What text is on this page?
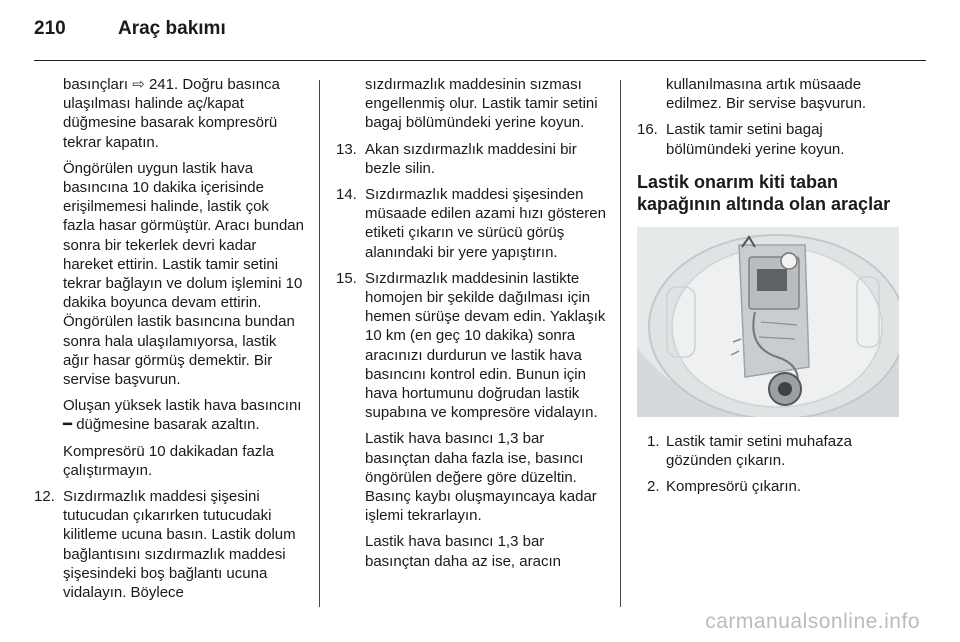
210	Araç bakımı

basınçları ⇨ 241. Doğru basınca ulaşılması halinde aç/kapat düğmesine basarak kompresörü tekrar kapatın.

Öngörülen uygun lastik hava basıncına 10 dakika içerisinde erişilmemesi halinde, lastik çok fazla hasar görmüştür. Aracı bundan sonra bir tekerlek devri kadar hareket ettirin. Lastik tamir setini tekrar bağlayın ve dolum işlemini 10 dakika boyunca devam ettirin. Öngörülen lastik basıncına bundan sonra hala ulaşılamıyorsa, lastik ağır hasar görmüş demektir. Bir servise başvurun.

Oluşan yüksek lastik hava basıncını ━ düğmesine basarak azaltın.

Kompresörü 10 dakikadan fazla çalıştırmayın.

12. Sızdırmazlık maddesi şişesini tutucudan çıkarırken tutucudaki kilitleme ucuna basın. Lastik dolum bağlantısını sızdırmazlık maddesi şişesindeki boş bağlantı ucuna vidalayın. Böylece

sızdırmazlık maddesinin sızması engellenmiş olur. Lastik tamir setini bagaj bölümündeki yerine koyun.

13. Akan sızdırmazlık maddesini bir bezle silin.

14. Sızdırmazlık maddesi şişesinden müsaade edilen azami hızı gösteren etiketi çıkarın ve sürücü görüş alanındaki bir yere yapıştırın.

15. Sızdırmazlık maddesinin lastikte homojen bir şekilde dağılması için hemen sürüşe devam edin. Yaklaşık 10 km (en geç 10 dakika) sonra aracınızı durdurun ve lastik hava basıncını kontrol edin. Bunun için hava hortumunu doğrudan lastik supabına ve kompresöre vidalayın.

Lastik hava basıncı 1,3 bar basınçtan daha fazla ise, basıncı öngörülen değere göre düzeltin. Basınç kaybı oluşmayıncaya kadar işlemi tekrarlayın.

Lastik hava basıncı 1,3 bar basınçtan daha az ise, aracın

kullanılmasına artık müsaade edilmez. Bir servise başvurun.

16. Lastik tamir setini bagaj bölümündeki yerine koyun.

Lastik onarım kiti taban kapağının altında olan araçlar
1. Lastik tamir setini muhafaza gözünden çıkarın.

2. Kompresörü çıkarın.

carmanualsonline.info
